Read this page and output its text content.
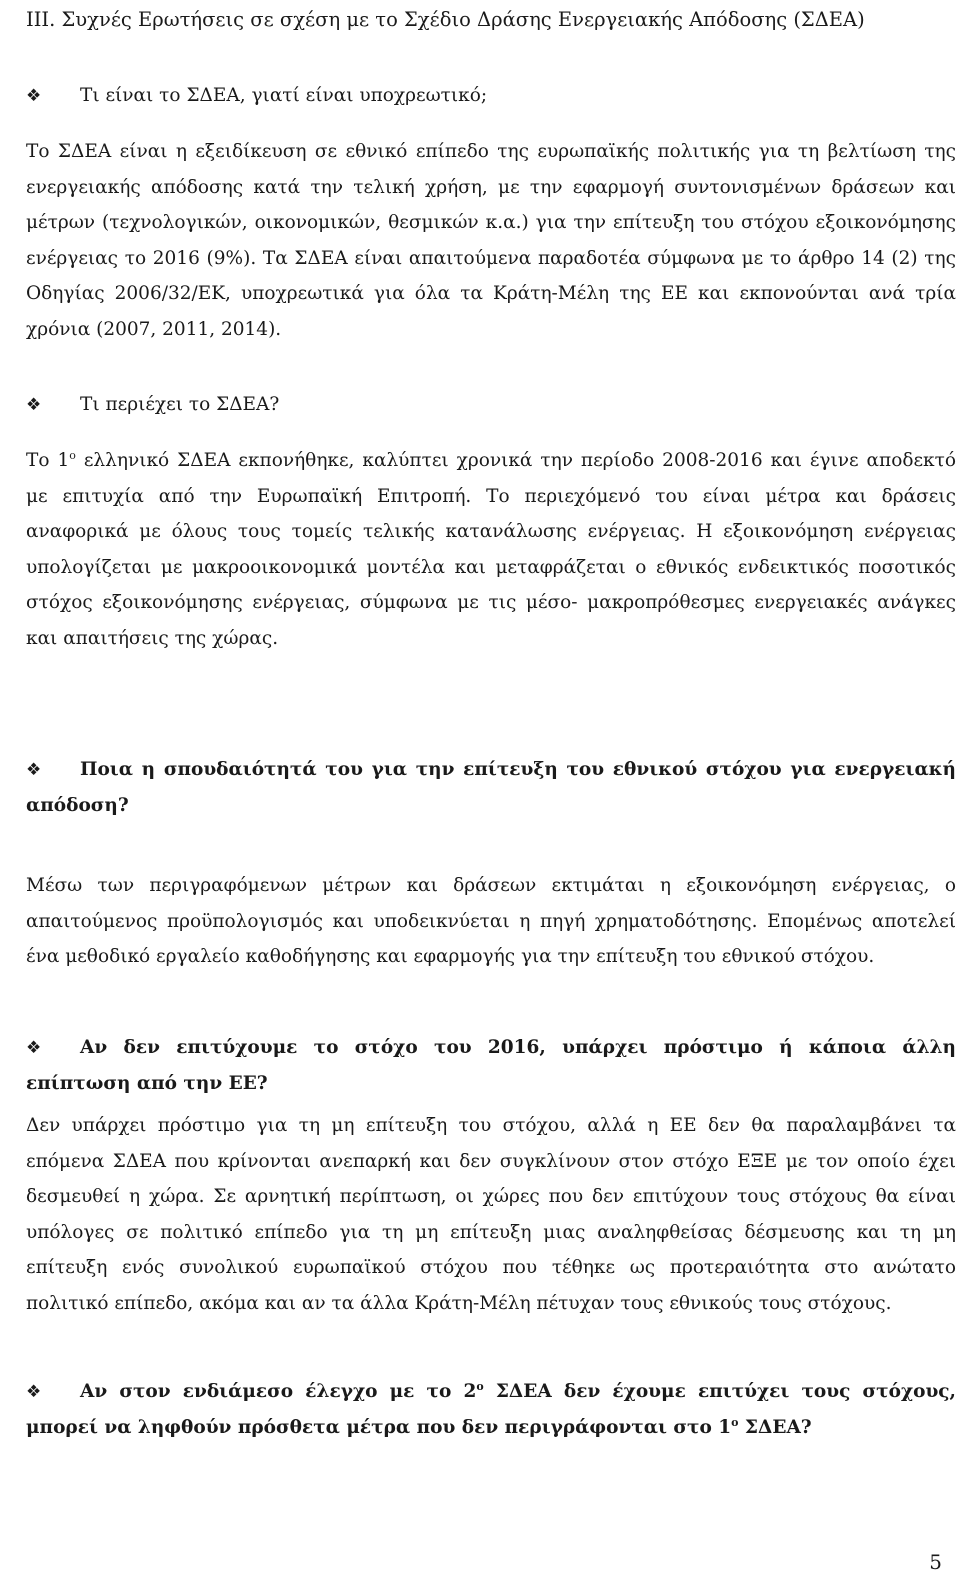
ΙΙΙ. Συχνές Ερωτήσεις σε σχέση με το Σχέδιο Δράσης Ενεργειακής Απόδοσης (ΣΔΕΑ)
❖ Τι είναι το ΣΔΕΑ, γιατί είναι υποχρεωτικό;

Το ΣΔΕΑ είναι η εξειδίκευση σε εθνικό επίπεδο της ευρωπαϊκής πολιτικής για τη βελτίωση της ενεργειακής απόδοσης κατά την τελική χρήση, με την εφαρμογή συντονισμένων δράσεων και μέτρων (τεχνολογικών, οικονομικών, θεσμικών κ.α.) για την επίτευξη του στόχου εξοικονόμησης ενέργειας το 2016 (9%). Τα ΣΔΕΑ είναι απαιτούμενα παραδοτέα σύμφωνα με το άρθρο 14 (2) της Οδηγίας 2006/32/ΕΚ, υποχρεωτικά για όλα τα Κράτη-Μέλη της ΕΕ και εκπονούνται ανά τρία χρόνια (2007, 2011, 2014).

❖ Τι περιέχει το ΣΔΕΑ?

Το $1^o$ ελληνικό ΣΔΕΑ εκπονήθηκε, καλύπτει χρονικά την περίοδο 2008-2016 και έγινε αποδεκτό με επιτυχία από την Ευρωπαϊκή Επιτροπή. Το περιεχόμενό του είναι μέτρα και δράσεις αναφορικά με όλους τους τομείς τελικής κατανάλωσης ενέργειας. Η εξοικονόμηση ενέργειας υπολογίζεται με μακροοικονομικά μοντέλα και μεταφράζεται ο εθνικός ενδεικτικός ποσοτικός στόχος εξοικονόμησης ενέργειας, σύμφωνα με τις μέσο- μακροπρόθεσμες ενεργειακές ανάγκες και απαιτήσεις της χώρας.

❖ Ποια η σπουδαιότητά του για την επίτευξη του εθνικού στόχου για ενεργειακή απόδοση?

Μέσω των περιγραφόμενων μέτρων και δράσεων εκτιμάται η εξοικονόμηση ενέργειας, ο απαιτούμενος προϋπολογισμός και υποδεικνύεται η πηγή χρηματοδότησης. Επομένως αποτελεί ένα μεθοδικό εργαλείο καθοδήγησης και εφαρμογής για την επίτευξη του εθνικού στόχου.

❖ Αν δεν επιτύχουμε το στόχο του 2016, υπάρχει πρόστιμο ή κάποια άλλη επίπτωση από την ΕΕ?

Δεν υπάρχει πρόστιμο για τη μη επίτευξη του στόχου, αλλά η ΕΕ δεν θα παραλαμβάνει τα επόμενα ΣΔΕΑ που κρίνονται ανεπαρκή και δεν συγκλίνουν στον στόχο ΕΞΕ με τον οποίο έχει δεσμευθεί η χώρα. Σε αρνητική περίπτωση, οι χώρες που δεν επιτύχουν τους στόχους θα είναι υπόλογες σε πολιτικό επίπεδο για τη μη επίτευξη μιας αναληφθείσας δέσμευσης και τη μη επίτευξη ενός συνολικού ευρωπαϊκού στόχου που τέθηκε ως προτεραιότητα στο ανώτατο πολιτικό επίπεδο, ακόμα και αν τα άλλα Κράτη-Μέλη πέτυχαν τους εθνικούς τους στόχους.

❖ Αν στον ενδιάμεσο έλεγχο με το $2^o$ ΣΔΕΑ δεν έχουμε επιτύχει τους στόχους, μπορεί να ληφθούν πρόσθετα μέτρα που δεν περιγράφονται στο $1^o$ ΣΔΕΑ?
5
